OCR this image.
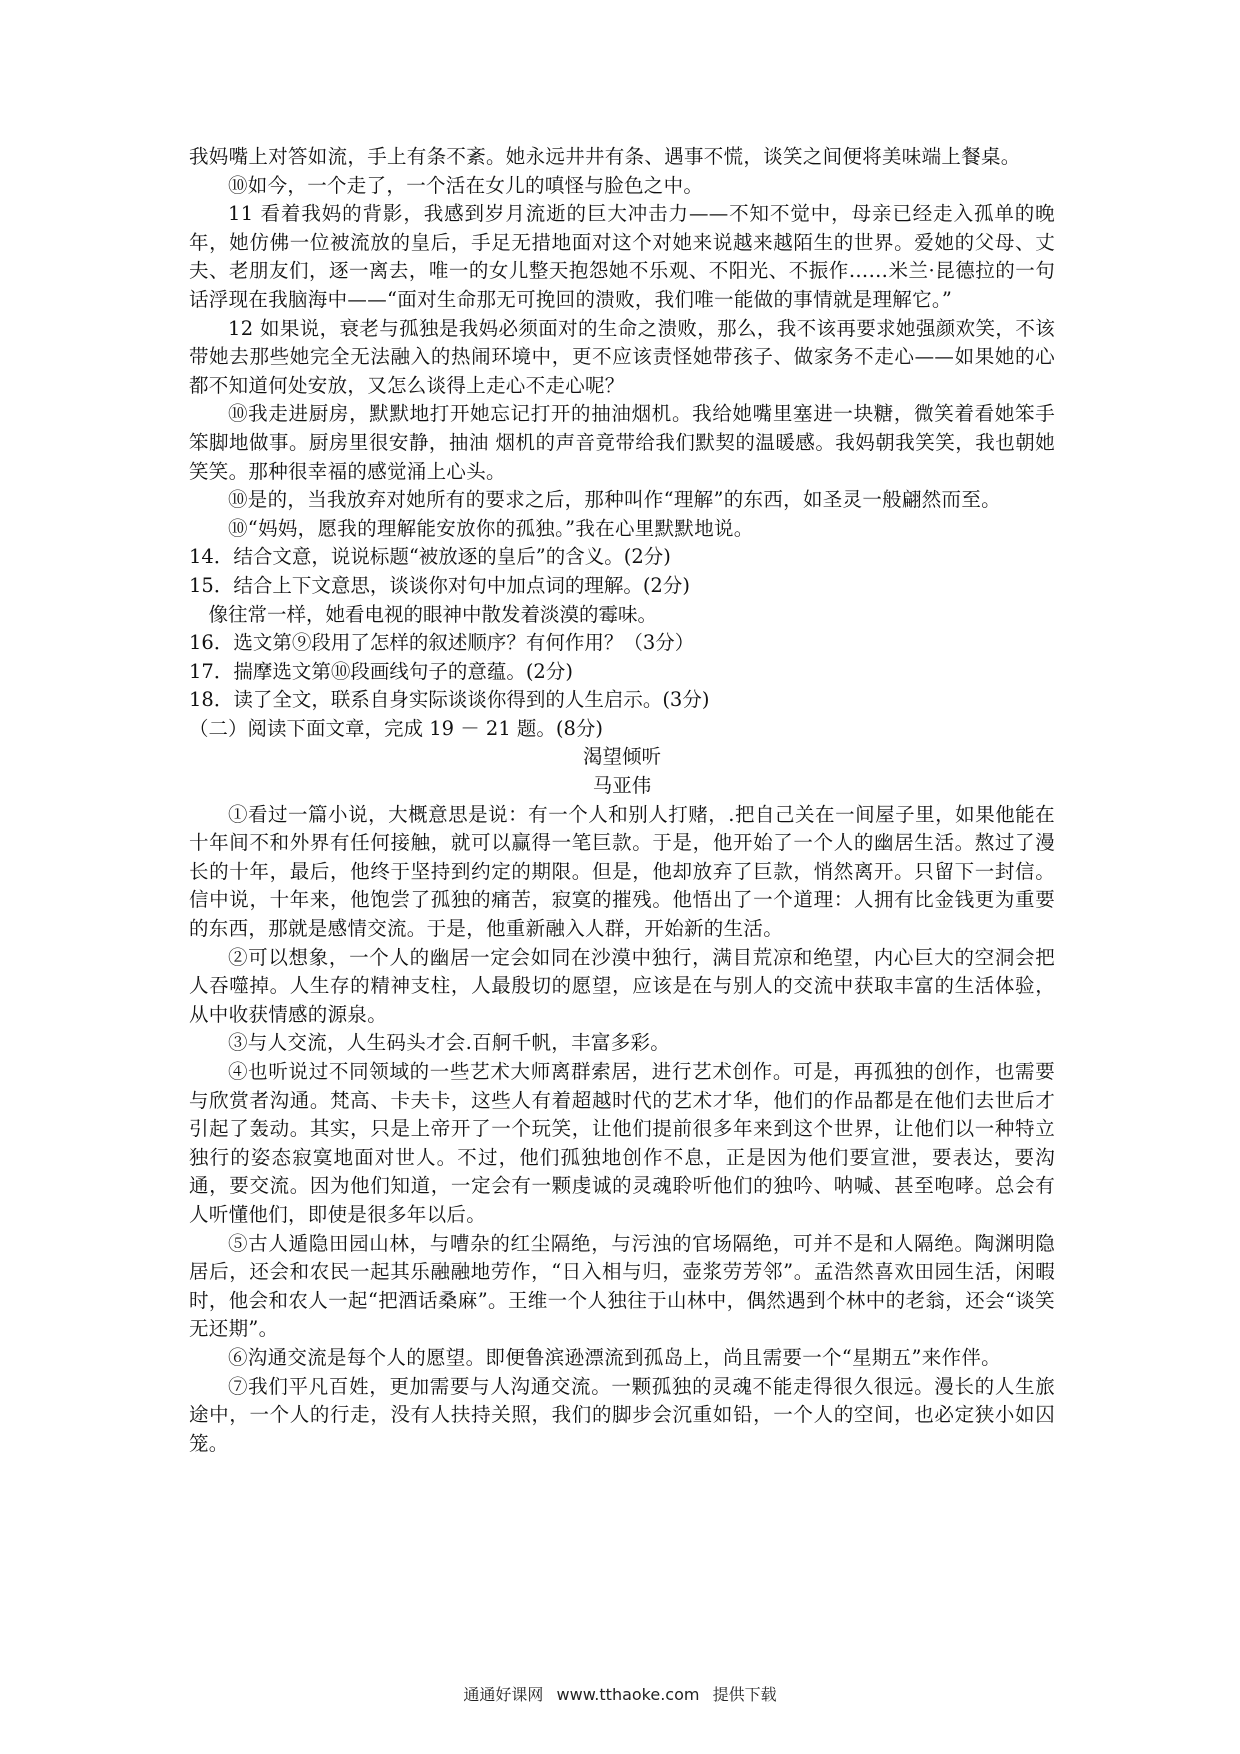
我妈嘴上对答如流，手上有条不紊。她永远井井有条、遇事不慌，谈笑之间便将美味端上餐桌。

⑩如今，一个走了，一个活在女儿的嗔怪与脸色之中。

11 看着我妈的背影，我感到岁月流逝的巨大冲击力——不知不觉中，母亲已经走入孤单的晚年，她仿佛一位被流放的皇后，手足无措地面对这个对她来说越来越陌生的世界。爱她的父母、丈夫、老朋友们，逐一离去，唯一的女儿整天抱怨她不乐观、不阳光、不振作……米兰·昆德拉的一句话浮现在我脑海中——“面对生命那无可挽回的溃败，我们唯一能做的事情就是理解它。”

12 如果说，衰老与孤独是我妈必须面对的生命之溃败，那么，我不该再要求她强颜欢笑，不该带她去那些她完全无法融入的热闹环境中，更不应该责怪她带孩子、做家务不走心——如果她的心都不知道何处安放，又怎么谈得上走心不走心呢？

⑩我走进厨房，默默地打开她忘记打开的抽油烟机。我给她嘴里塞进一块糖，微笑着看她笨手笨脚地做事。厨房里很安静，抽油 烟机的声音竟带给我们默契的温暖感。我妈朝我笑笑，我也朝她笑笑。那种很幸福的感觉涌上心头。

⑩是的，当我放弃对她所有的要求之后，那种叫作“理解”的东西，如圣灵一般翩然而至。

⑩“妈妈，愿我的理解能安放你的孤独。”我在心里默默地说。

14．结合文意，说说标题“被放逐的皇后”的含义。(2分)

15．结合上下文意思，谈谈你对句中加点词的理解。(2分)

像往常一样，她看电视的眼神中散发着淡漠的霉味。

16．选文第⑨段用了怎样的叙述顺序？有何作用？（3分）

17．揣摩选文第⑩段画线句子的意蕴。(2分)

18．读了全文，联系自身实际谈谈你得到的人生启示。(3分)

（二）阅读下面文章，完成 19 － 21 题。(8分)

渴望倾听

马亚伟

①看过一篇小说，大概意思是说：有一个人和别人打赌，.把自己关在一间屋子里，如果他能在十年间不和外界有任何接触，就可以赢得一笔巨款。于是，他开始了一个人的幽居生活。熬过了漫长的十年，最后，他终于坚持到约定的期限。但是，他却放弃了巨款，悄然离开。只留下一封信。信中说，十年来，他饱尝了孤独的痛苦，寂寞的摧残。他悟出了一个道理：人拥有比金钱更为重要的东西，那就是感情交流。于是，他重新融入人群，开始新的生活。

②可以想象，一个人的幽居一定会如同在沙漠中独行，满目荒凉和绝望，内心巨大的空洞会把人吞噬掉。人生存的精神支柱，人最殷切的愿望，应该是在与别人的交流中获取丰富的生活体验，从中收获情感的源泉。

③与人交流，人生码头才会.百舸千帆，丰富多彩。

④也听说过不同领域的一些艺术大师离群索居，进行艺术创作。可是，再孤独的创作，也需要与欣赏者沟通。梵高、卡夫卡，这些人有着超越时代的艺术才华，他们的作品都是在他们去世后才引起了轰动。其实，只是上帝开了一个玩笑，让他们提前很多年来到这个世界，让他们以一种特立独行的姿态寂寞地面对世人。不过，他们孤独地创作不息，正是因为他们要宣泄，要表达，要沟通，要交流。因为他们知道，一定会有一颗虔诚的灵魂聆听他们的独吟、呐喊、甚至咆哮。总会有人听懂他们，即使是很多年以后。

⑤古人遁隐田园山林，与嘈杂的红尘隔绝，与污浊的官场隔绝，可并不是和人隔绝。陶渊明隐居后，还会和农民一起其乐融融地劳作，“日入相与归，壶浆劳芳邻”。孟浩然喜欢田园生活，闲暇时，他会和农人一起“把酒话桑麻”。王维一个人独往于山林中，偶然遇到个林中的老翁，还会“谈笑无还期”。

⑥沟通交流是每个人的愿望。即便鲁滨逊漂流到孤岛上，尚且需要一个“星期五”来作伴。

⑦我们平凡百姓，更加需要与人沟通交流。一颗孤独的灵魂不能走得很久很远。漫长的人生旅途中，一个人的行走，没有人扶持关照，我们的脚步会沉重如铅，一个人的空间，也必定狭小如囚笼。

通通好课网 www.tthaoke.com 提供下载
